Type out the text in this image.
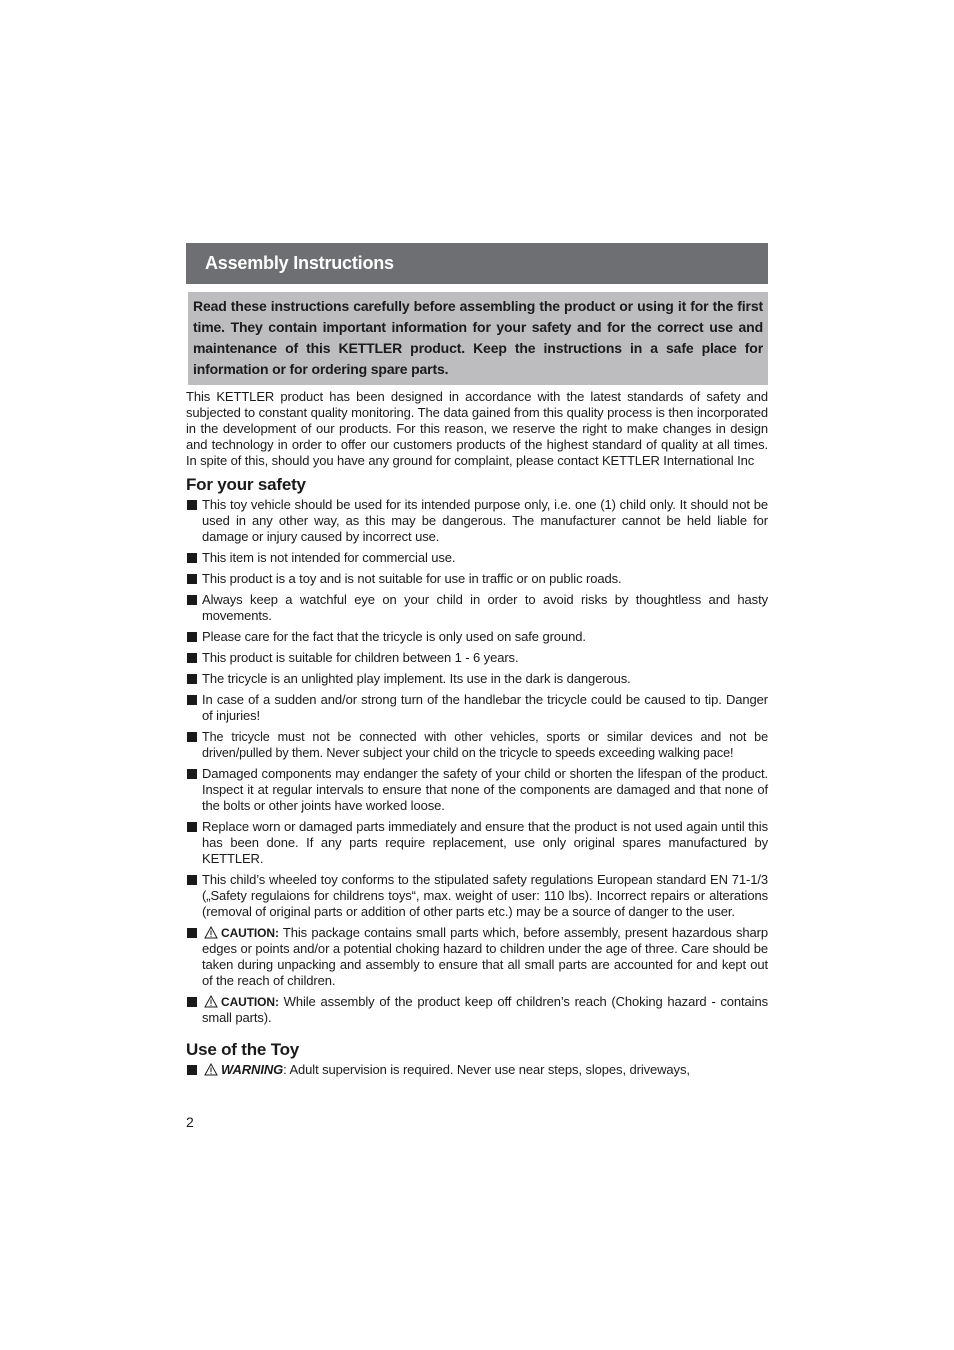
Assembly Instructions
Read these instructions carefully before assembling the product or using it for the first time. They contain important information for your safety and for the correct use and maintenance of this KETTLER product. Keep the instructions in a safe place for information or for ordering spare parts.
This KETTLER product has been designed in accordance with the latest standards of safety and subjected to constant quality monitoring. The data gained from this quality process is then incorporated in the development of our products. For this reason, we reserve the right to make changes in design and technology in order to offer our customers products of the highest standard of quality at all times. In spite of this, should you have any ground for complaint, please contact KETTLER International Inc
For your safety
This toy vehicle should be used for its intended purpose only, i.e. one (1) child only. It should not be used in any other way, as this may be dangerous. The manufacturer cannot be held liable for damage or injury caused by incorrect use.
This item is not intended for commercial use.
This product is a toy and is not suitable for use in traffic or on public roads.
Always keep a watchful eye on your child in order to avoid risks by thoughtless and hasty movements.
Please care for the fact that the tricycle is only used on safe ground.
This product is suitable for children between 1 - 6 years.
The tricycle is an unlighted play implement. Its use in the dark is dangerous.
In case of a sudden and/or strong turn of the handlebar the tricycle could be caused to tip. Danger of injuries!
The tricycle must not be connected with other vehicles, sports or similar devices and not be driven/pulled by them. Never subject your child on the tricycle to speeds exceeding walking pace!
Damaged components may endanger the safety of your child or shorten the lifespan of the product. Inspect it at regular intervals to ensure that none of the components are damaged and that none of the bolts or other joints have worked loose.
Replace worn or damaged parts immediately and ensure that the product is not used again until this has been done. If any parts require replacement, use only original spares manufactured by KETTLER.
This child’s wheeled toy conforms to the stipulated safety regulations European standard EN 71-1/3 („Safety regulaions for childrens toys“, max. weight of user: 110 lbs). Incorrect repairs or alterations (removal of original parts or addition of other parts etc.) may be a source of danger to the user.
CAUTION: This package contains small parts which, before assembly, present hazardous sharp edges or points and/or a potential choking hazard to children under the age of three. Care should be taken during unpacking and assembly to ensure that all small parts are accounted for and kept out of the reach of children.
CAUTION: While assembly of the product keep off children’s reach (Choking hazard - contains small parts).
Use of the Toy
WARNING: Adult supervision is required. Never use near steps, slopes, driveways,
2
